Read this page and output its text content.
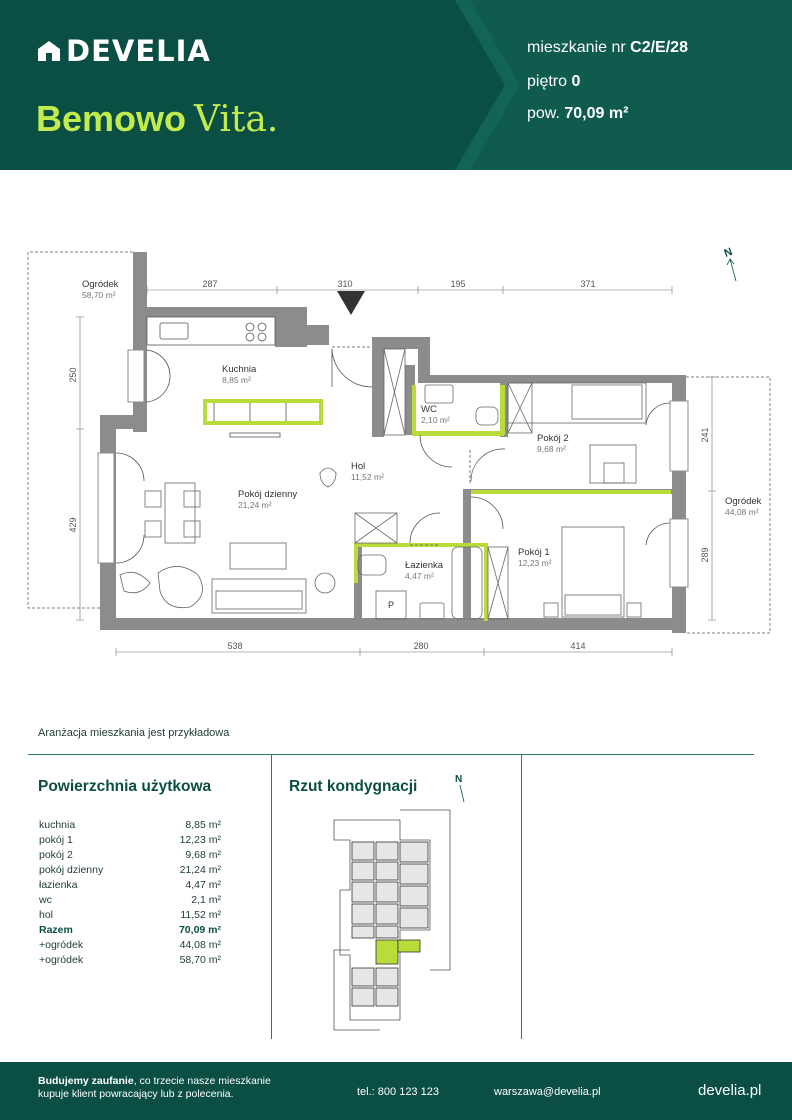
DEVELIA
Bemowo Vita.
mieszkanie nr C2/E/28
piętro 0
pow. 70,09 m²
287	310	195	371
538	280	414
250
429
241
289
N
Kuchnia
8,85 m²
WC
2,10 m²
Pokój 2
9,68 m²
Hol
11,52 m²
Pokój dzienny
21,24 m²
Łazienka
4,47 m²
Pokój 1
12,23 m²
Ogródek
58,70 m²
Ogródek
44,08 m²
P
Aranżacja mieszkania jest przykładowa
Powierzchnia użytkowa
kuchnia	8,85 m²
pokój 1	12,23 m²
pokój 2	9,68 m²
pokój dzienny	21,24 m²
łazienka	4,47 m²
wc	2,1 m²
hol	11,52 m²
Razem	70,09 m²
+ogródek	44,08 m²
+ogródek	58,70 m²
Rzut kondygnacji	N
Budujemy zaufanie, co trzecie nasze mieszkanie kupuje klient powracający lub z polecenia.	tel.: 800 123 123	warszawa@develia.pl	develia.pl
